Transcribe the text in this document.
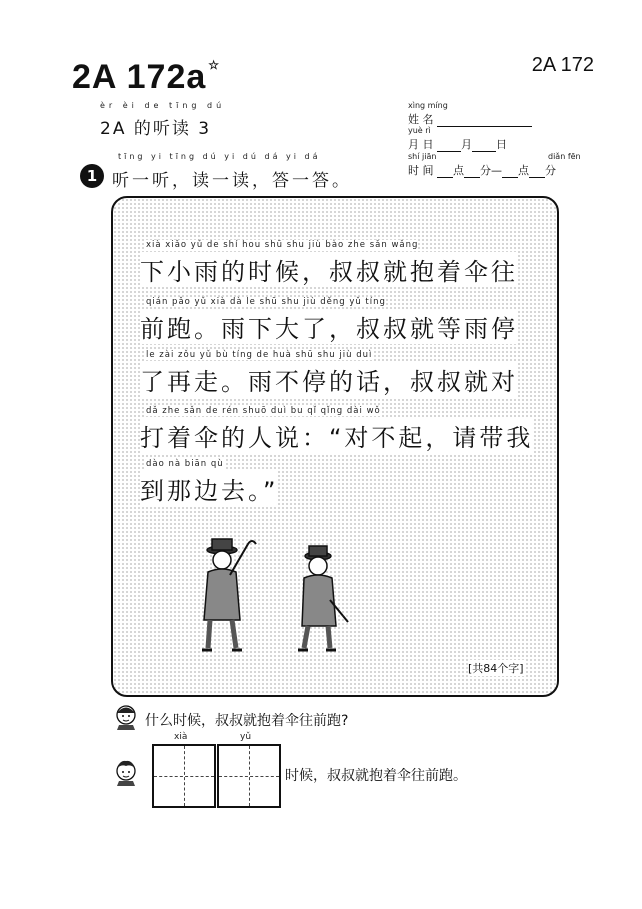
2A 172a ☆	2A 172
èr èi de tīng dú
2A 的听读 3
xìng míng
姓 名
yuè rì
月 日	月 日
shí jiān	diǎn fēn
时 间 点 分— 点 分
1
tīng yi tīng dú yi dú dá yi dá
听一听，读一读，答一答。
xià xiǎo yǔ de shí hou shū shu jiù bào zhe sǎn wǎng
下小雨的时候，叔叔就抱着伞往
qián pǎo yǔ xià dà le shū shu jiù děng yǔ tíng
前跑。雨下大了，叔叔就等雨停
le zài zǒu yǔ bù tíng de huà shū shu jiù duì
了再走。雨不停的话，叔叔就对
dǎ zhe sǎn de rén shuō duì bu qǐ qǐng dài wǒ
打着伞的人说：“对不起，请带我
dào nà biān qù
到那边去。”
[共84个字]
什么时候，叔叔就抱着伞往前跑?
xià	yǔ
时候，叔叔就抱着伞往前跑。
